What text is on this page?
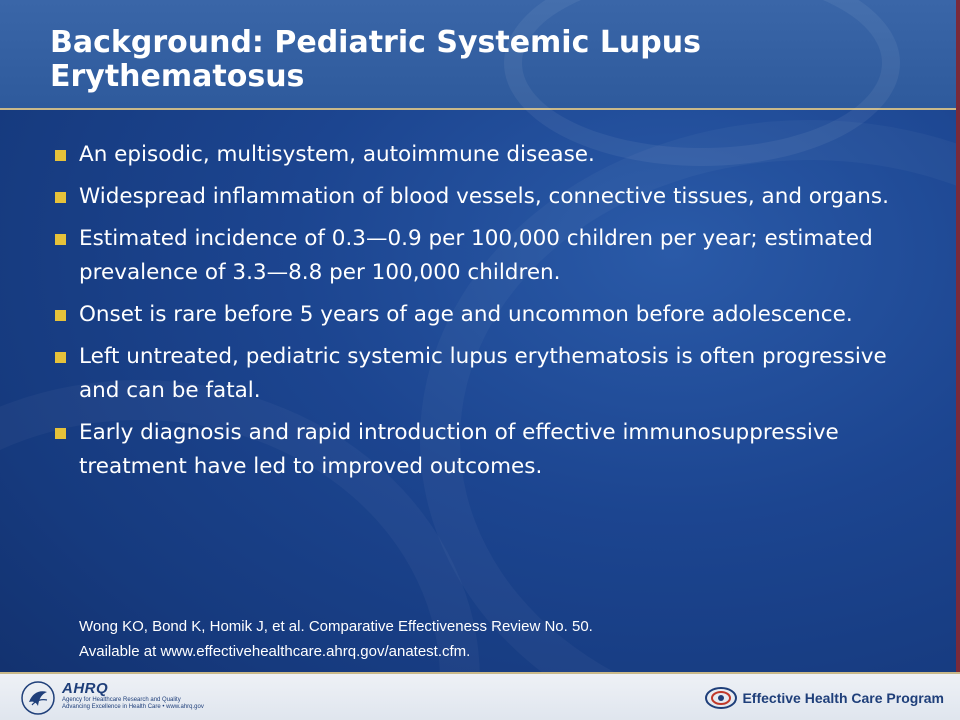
Background: Pediatric Systemic Lupus Erythematosus
An episodic, multisystem, autoimmune disease.
Widespread inflammation of blood vessels, connective tissues, and organs.
Estimated incidence of 0.3—0.9 per 100,000 children per year; estimated prevalence of 3.3—8.8 per 100,000 children.
Onset is rare before 5 years of age and uncommon before adolescence.
Left untreated, pediatric systemic lupus erythematosis is often progressive and can be fatal.
Early diagnosis and rapid introduction of effective immunosuppressive treatment have led to improved outcomes.
Wong KO, Bond K, Homik J, et al. Comparative Effectiveness Review No. 50.
Available at www.effectivehealthcare.ahrq.gov/anatest.cfm.
AHRQ
Agency for Healthcare Research and Quality
Advancing Excellence in Health Care • www.ahrq.gov
Effective Health Care Program
